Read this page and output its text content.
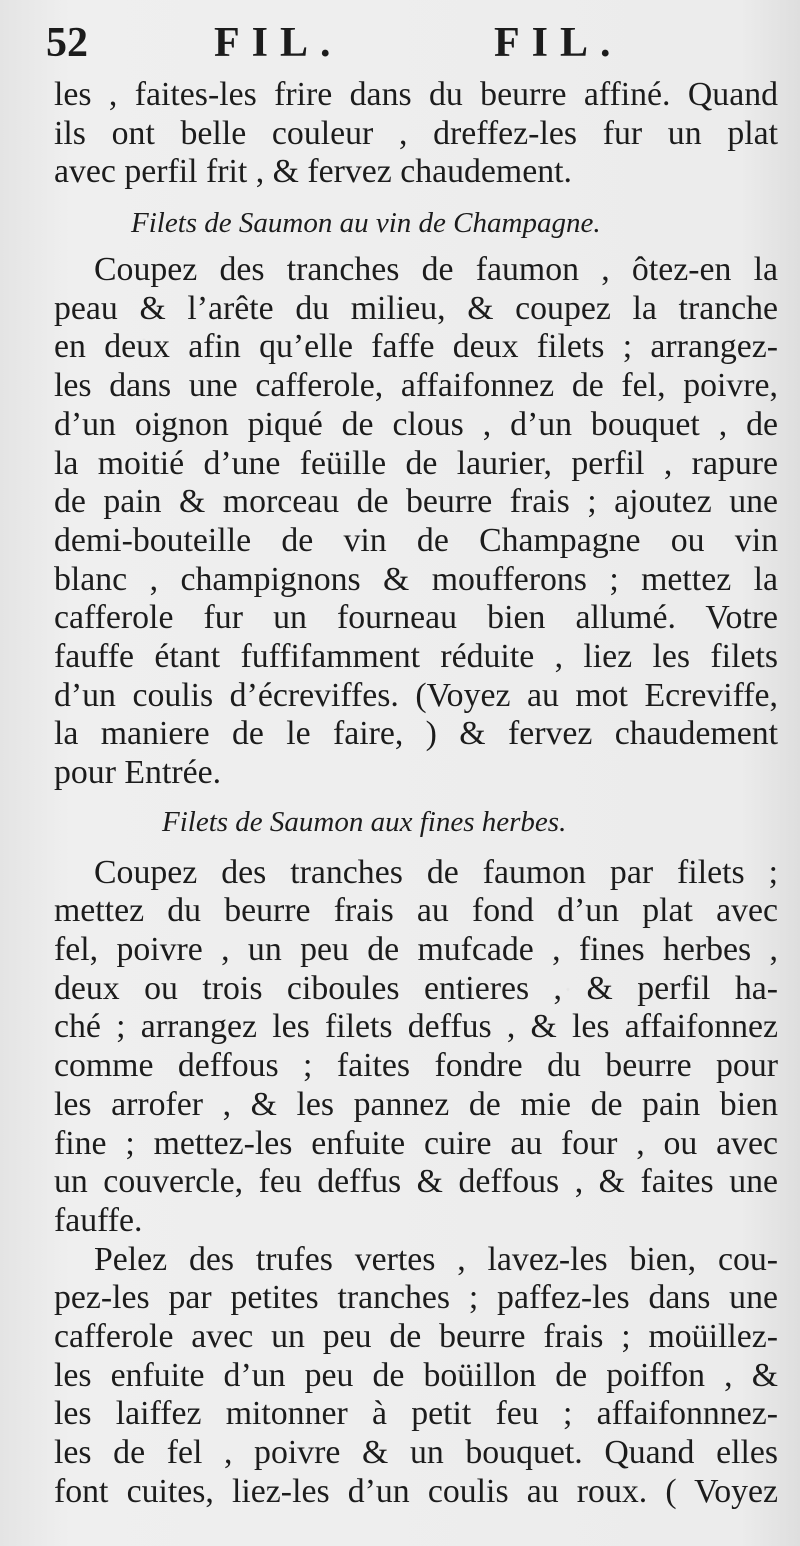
52	FIL.	FIL.
les , faites-les frire dans du beurre affiné. Quand
ils ont belle couleur , dreffez-les fur un plat
avec perfil frit , & fervez chaudement.
Filets de Saumon au vin de Champagne.
Coupez des tranches de faumon , ôtez-en la
peau & l’arête du milieu, & coupez la tranche
en deux afin qu’elle faffe deux filets ; arrangez-
les dans une cafferole, affaifonnez de fel, poivre,
d’un oignon piqué de clous , d’un bouquet , de
la moitié d’une feüille de laurier, perfil , rapure
de pain & morceau de beurre frais ; ajoutez une
demi-bouteille de vin de Champagne ou vin
blanc , champignons & moufferons ; mettez la
cafferole fur un fourneau bien allumé. Votre
fauffe étant fuffifamment réduite , liez les filets
d’un coulis d’écreviffes. (Voyez au mot Ecreviffe,
la maniere de le faire, ) & fervez chaudement
pour Entrée.
Filets de Saumon aux fines herbes.
Coupez des tranches de faumon par filets ;
mettez du beurre frais au fond d’un plat avec
fel, poivre , un peu de mufcade , fines herbes ,
deux ou trois ciboules entieres , & perfil ha-
ché ; arrangez les filets deffus , & les affaifonnez
comme deffous ; faites fondre du beurre pour
les arrofer , & les pannez de mie de pain bien
fine ; mettez-les enfuite cuire au four , ou avec
un couvercle, feu deffus & deffous , & faites une
fauffe.
Pelez des trufes vertes , lavez-les bien, cou-
pez-les par petites tranches ; paffez-les dans une
cafferole avec un peu de beurre frais ; moüillez-
les enfuite d’un peu de boüillon de poiffon , &
les laiffez mitonner à petit feu ; affaifonnnez-
les de fel , poivre & un bouquet. Quand elles
font cuites, liez-les d’un coulis au roux. ( Voyez
